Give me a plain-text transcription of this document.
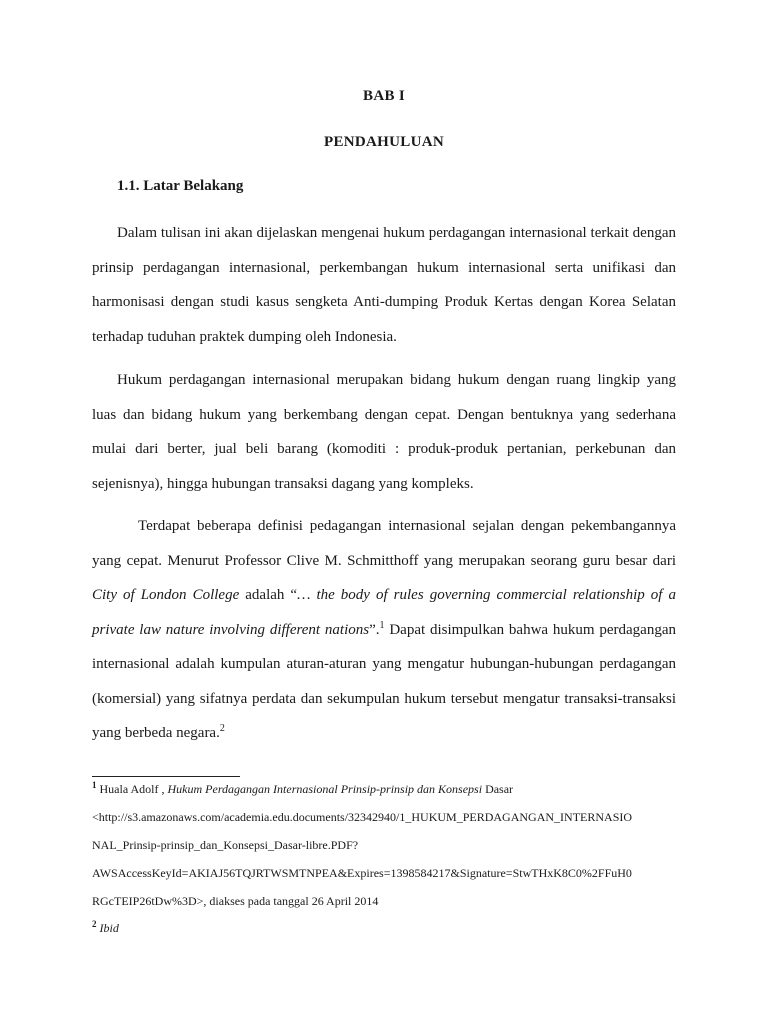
BAB I
PENDAHULUAN
1.1. Latar Belakang

Dalam tulisan ini akan dijelaskan mengenai hukum perdagangan internasional terkait dengan prinsip perdagangan internasional, perkembangan hukum internasional serta unifikasi dan harmonisasi dengan studi kasus sengketa Anti-dumping Produk Kertas dengan Korea Selatan terhadap tuduhan praktek dumping oleh Indonesia.

Hukum perdagangan internasional merupakan bidang hukum dengan ruang lingkip yang luas dan bidang hukum yang berkembang dengan cepat. Dengan bentuknya yang sederhana mulai dari berter, jual beli barang (komoditi : produk-produk pertanian, perkebunan dan sejenisnya), hingga hubungan transaksi dagang yang kompleks.

Terdapat beberapa definisi pedagangan internasional sejalan dengan pekembangannya yang cepat. Menurut Professor Clive M. Schmitthoff yang merupakan seorang guru besar dari City of London College adalah “… the body of rules governing commercial relationship of a private law nature involving different nations”.$^1$ Dapat disimpulkan bahwa hukum perdagangan internasional adalah kumpulan aturan-aturan yang mengatur hubungan-hubungan perdagangan (komersial) yang sifatnya perdata dan sekumpulan hukum tersebut mengatur transaksi-transaksi yang berbeda negara.$^2$

$^1$ Huala Adolf , Hukum Perdagangan Internasional Prinsip-prinsip dan Konsepsi Dasar
<http://s3.amazonaws.com/academia.edu.documents/32342940/1_HUKUM_PERDAGANGAN_INTERNASIO
NAL_Prinsip-prinsip_dan_Konsepsi_Dasar-libre.PDF?
AWSAccessKeyId=AKIAJ56TQJRTWSMTNPEA&Expires=1398584217&Signature=StwTHxK8C0%2FFuH0
RGcTEIP26tDw%3D>, diakses pada tanggal 26 April 2014
$^2$ Ibid
